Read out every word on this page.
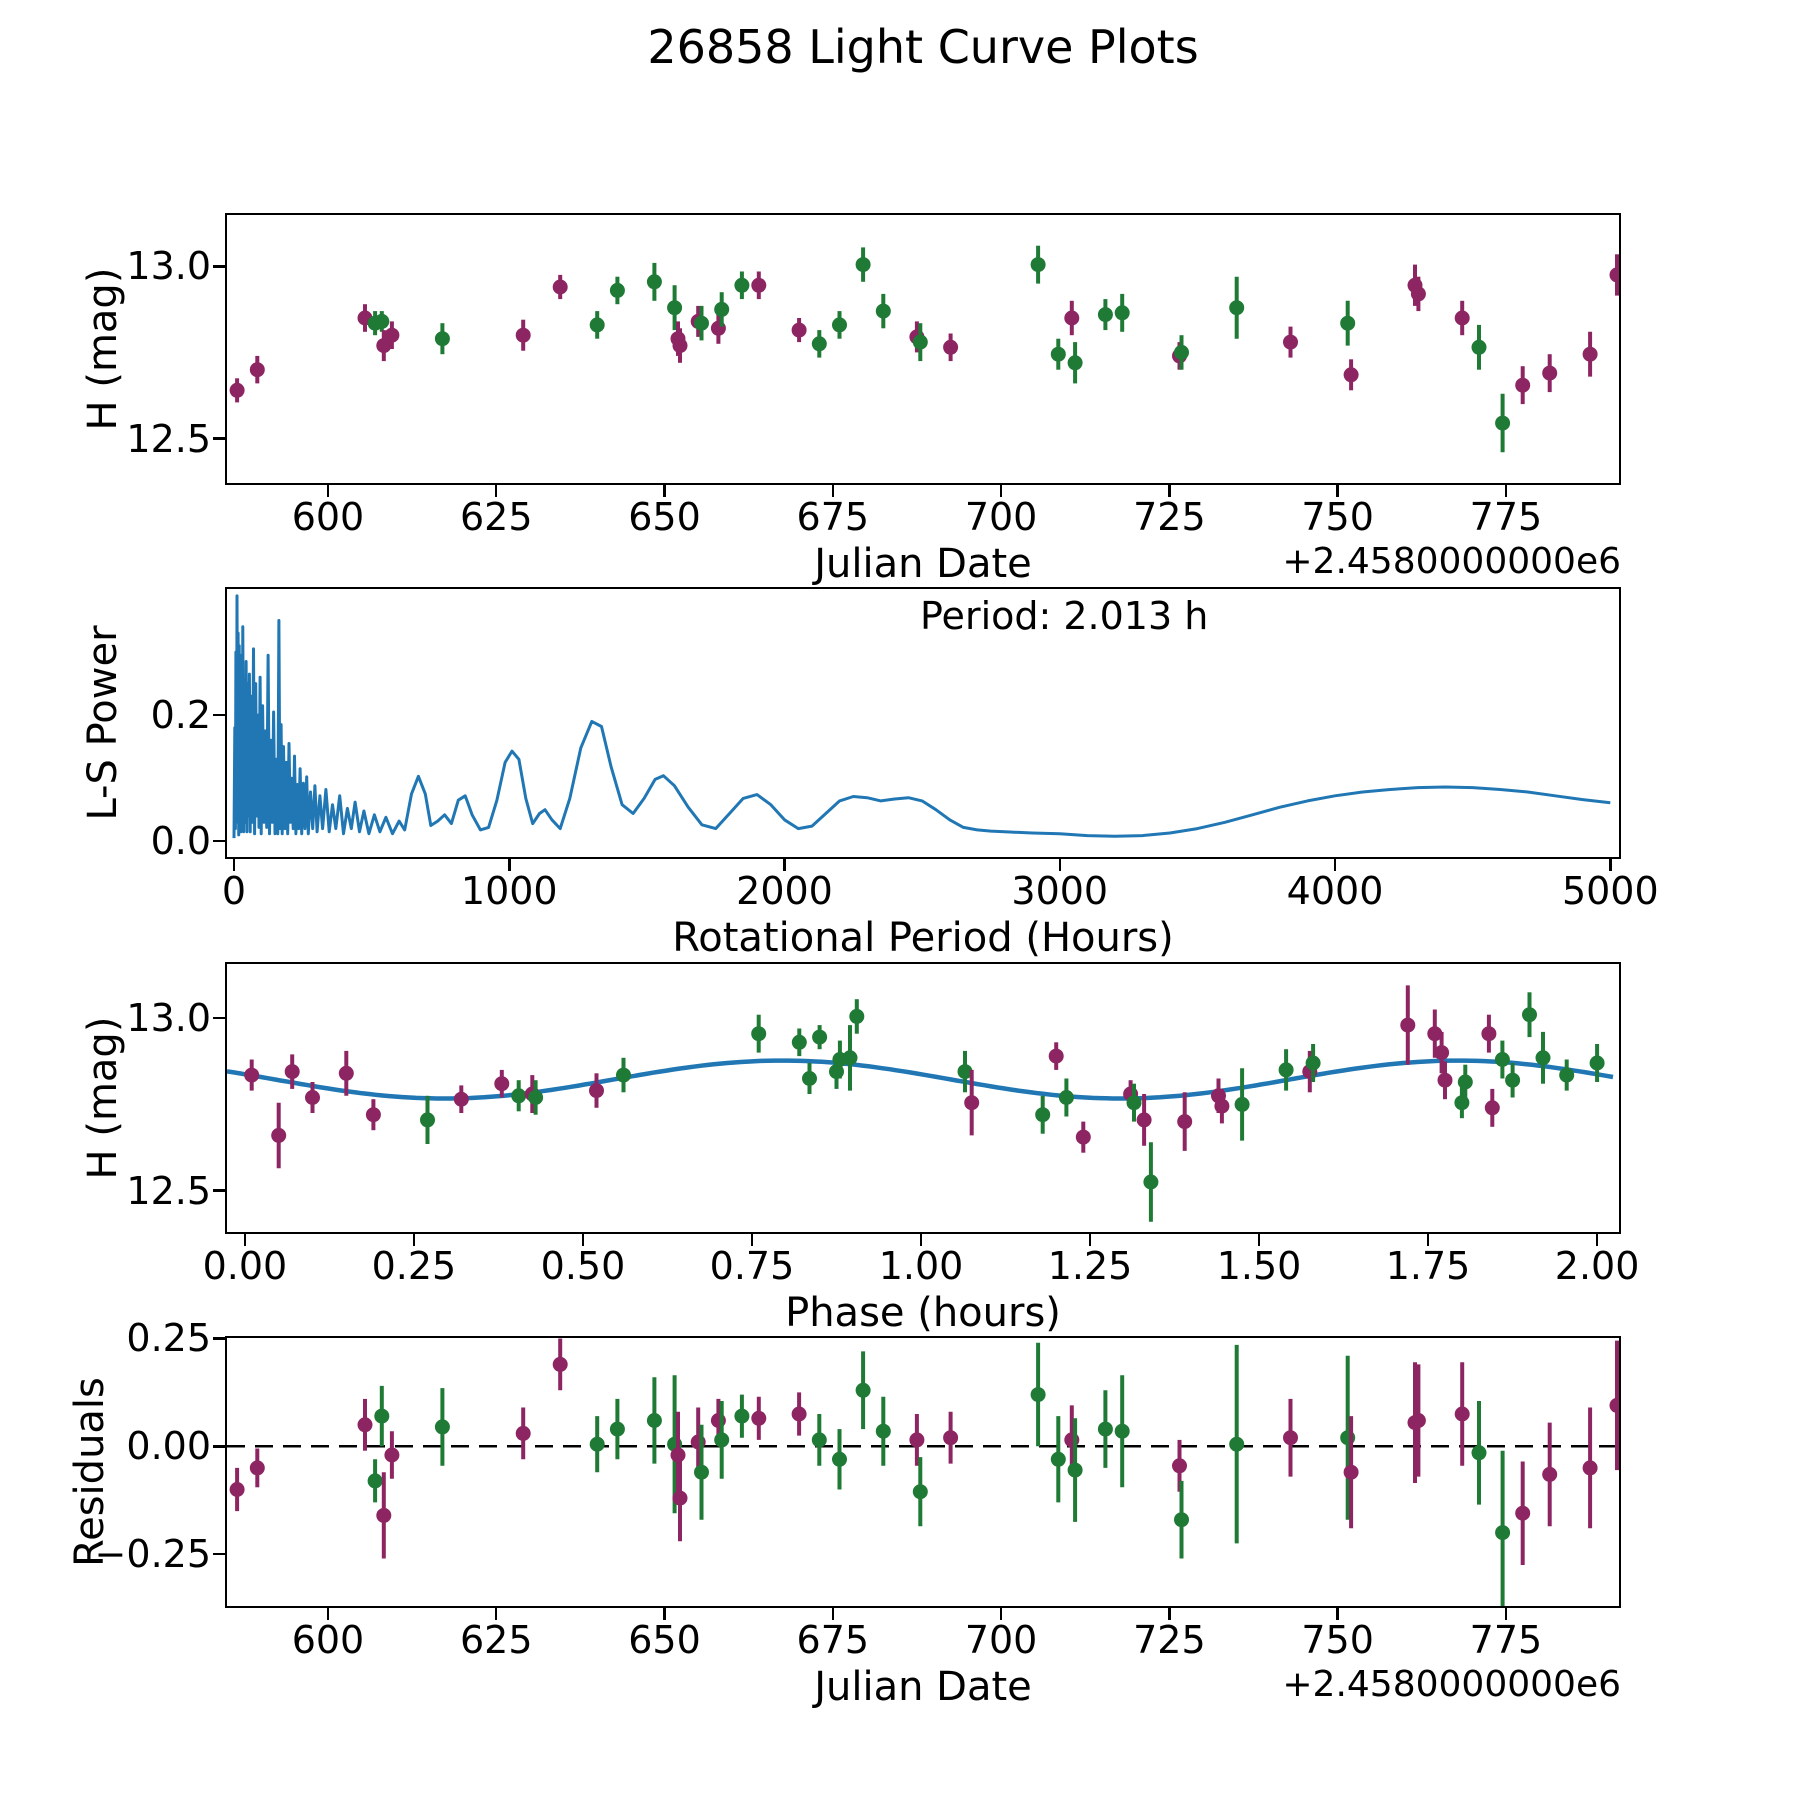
26858 Light Curve Plots
H (mag)
Julian Date	+2.4580000000e6
L-S Power
Period: 2.013 h
Rotational Period (Hours)
H (mag)
Phase (hours)
Residuals
Julian Date	+2.4580000000e6
600	625	650	675	700	725	750	775
13.0
12.5
0	1000	2000	3000	4000	5000
0.2
0.0
0.00	0.25	0.50	0.75	1.00	1.25	1.50	1.75	2.00
13.0
12.5
600	625	650	675	700	725	750	775
0.25
0.00
−0.25
